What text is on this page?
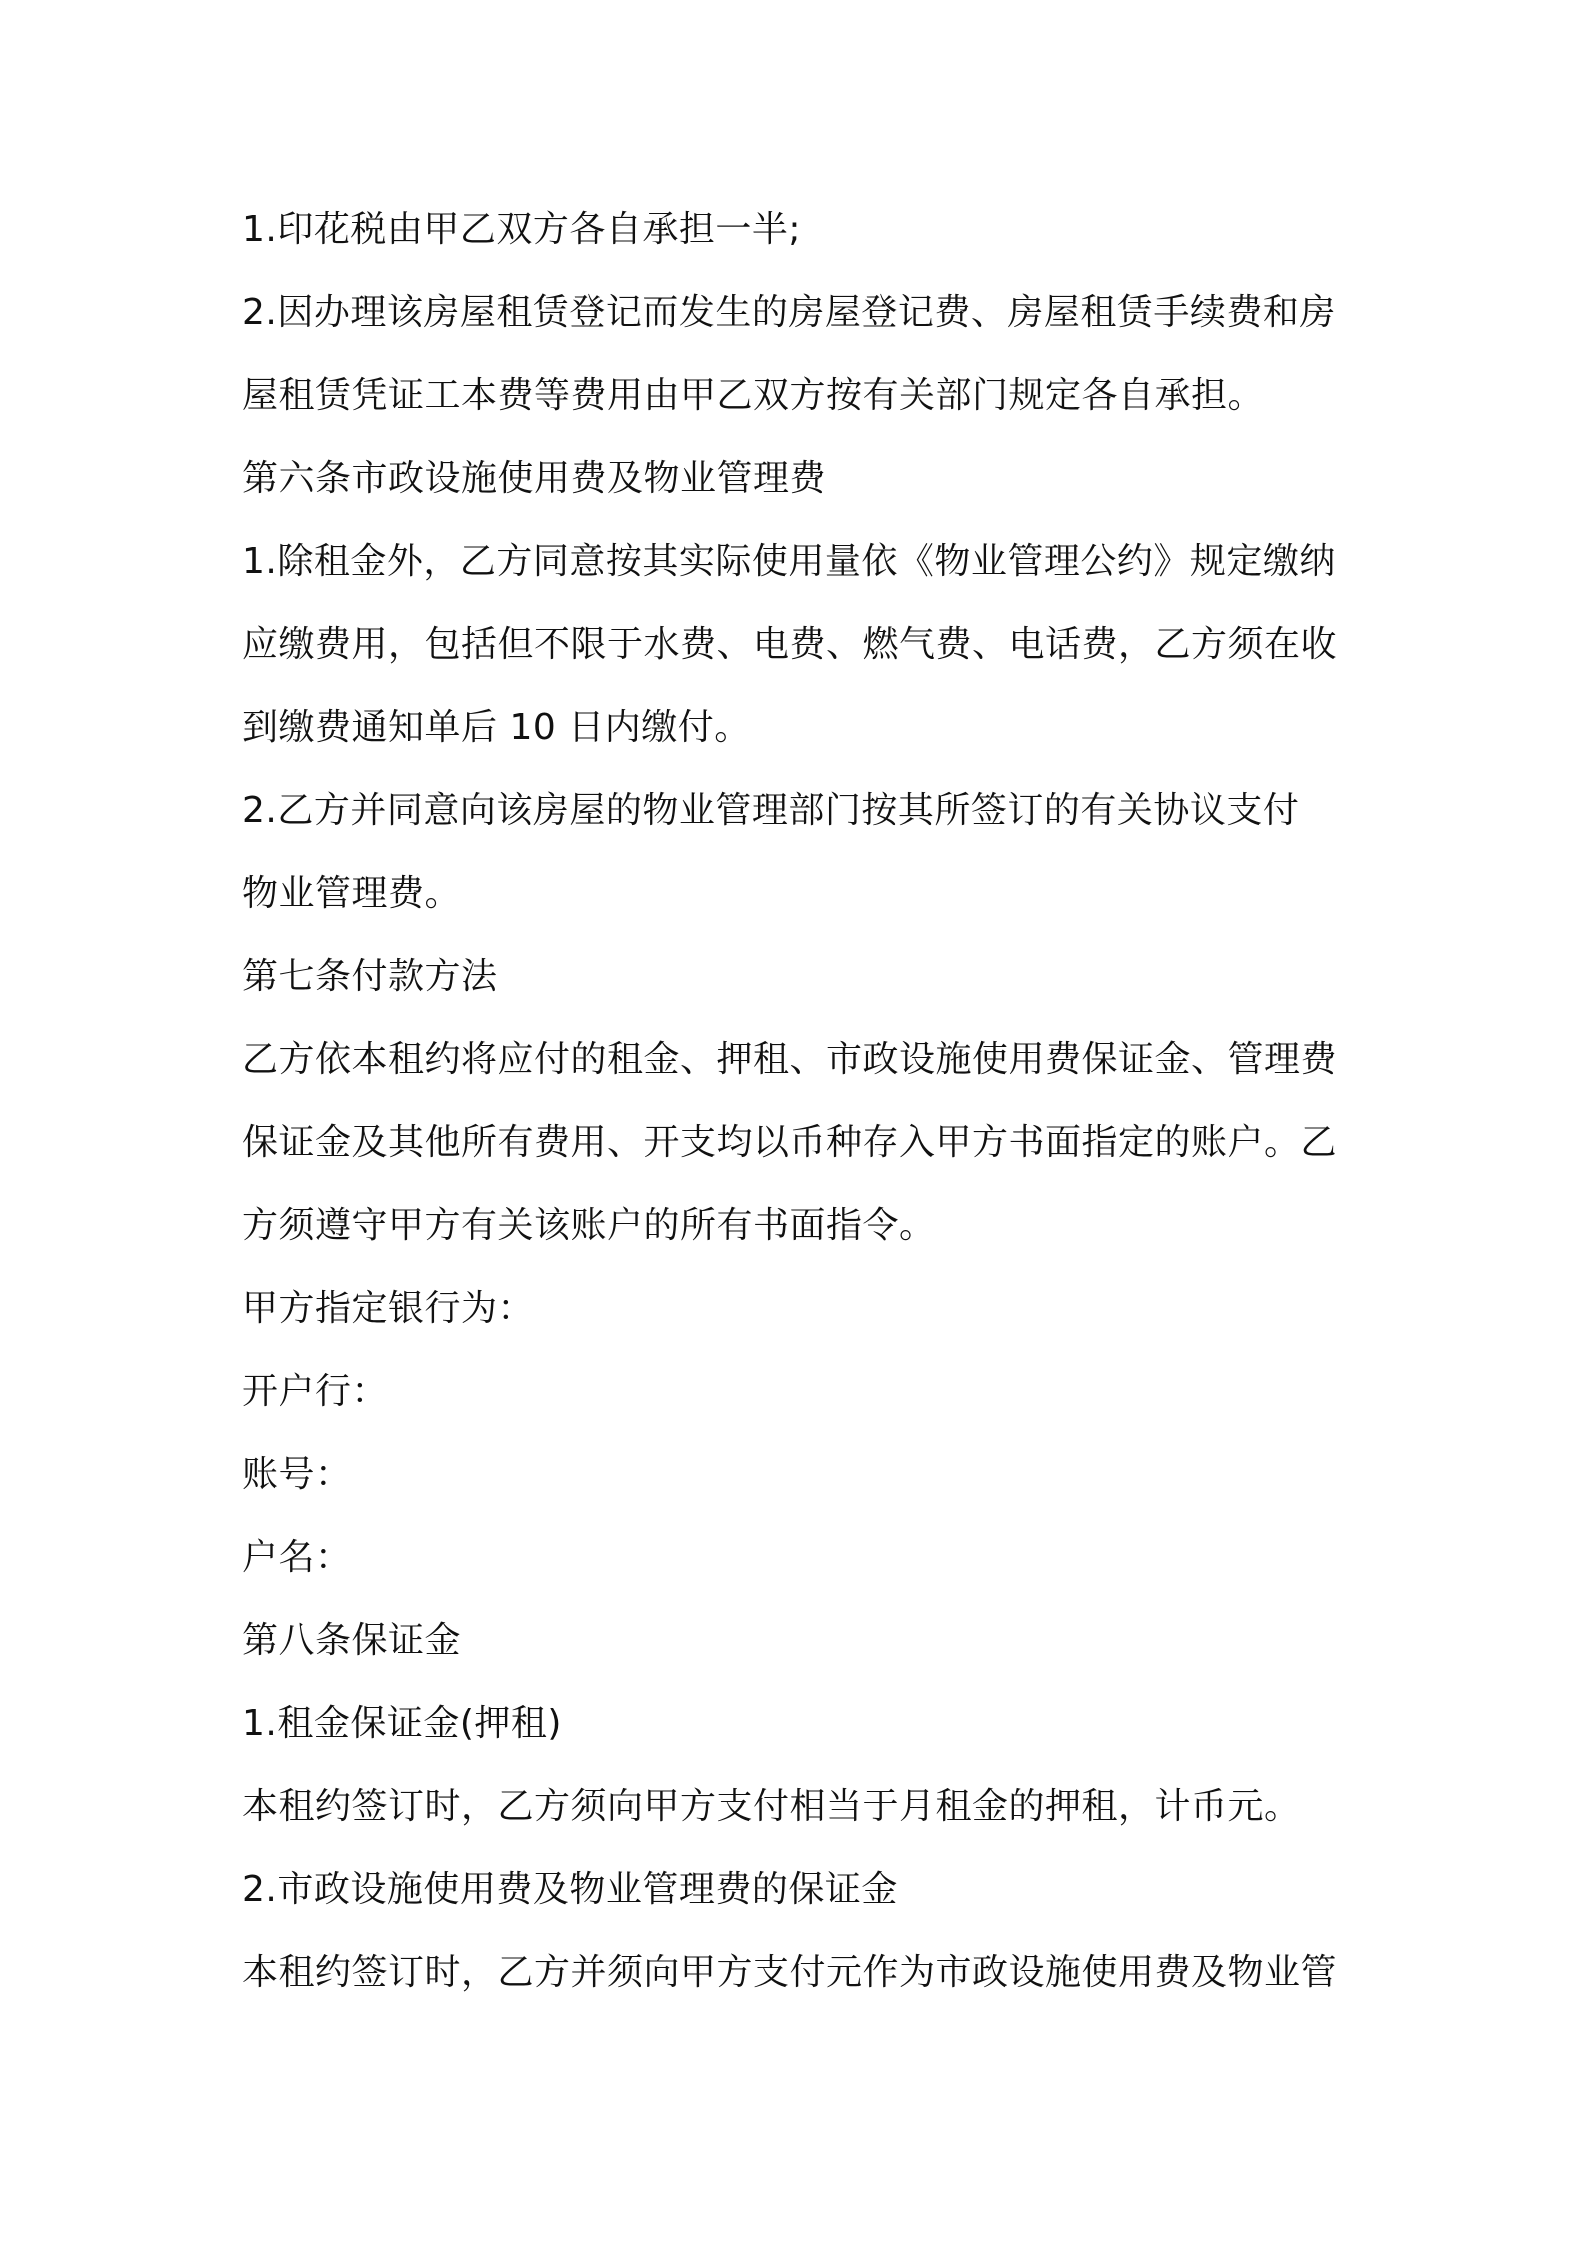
1.印花税由甲乙双方各自承担一半;
2.因办理该房屋租赁登记而发生的房屋登记费、房屋租赁手续费和房
屋租赁凭证工本费等费用由甲乙双方按有关部门规定各自承担。
第六条市政设施使用费及物业管理费
1.除租金外，乙方同意按其实际使用量依《物业管理公约》规定缴纳
应缴费用，包括但不限于水费、电费、燃气费、电话费，乙方须在收
到缴费通知单后 10 日内缴付。
2.乙方并同意向该房屋的物业管理部门按其所签订的有关协议支付
物业管理费。
第七条付款方法
乙方依本租约将应付的租金、押租、市政设施使用费保证金、管理费
保证金及其他所有费用、开支均以币种存入甲方书面指定的账户。乙
方须遵守甲方有关该账户的所有书面指令。
甲方指定银行为：
开户行：
账号：
户名：
第八条保证金
1.租金保证金(押租)
本租约签订时，乙方须向甲方支付相当于月租金的押租，计币元。
2.市政设施使用费及物业管理费的保证金
本租约签订时，乙方并须向甲方支付元作为市政设施使用费及物业管
